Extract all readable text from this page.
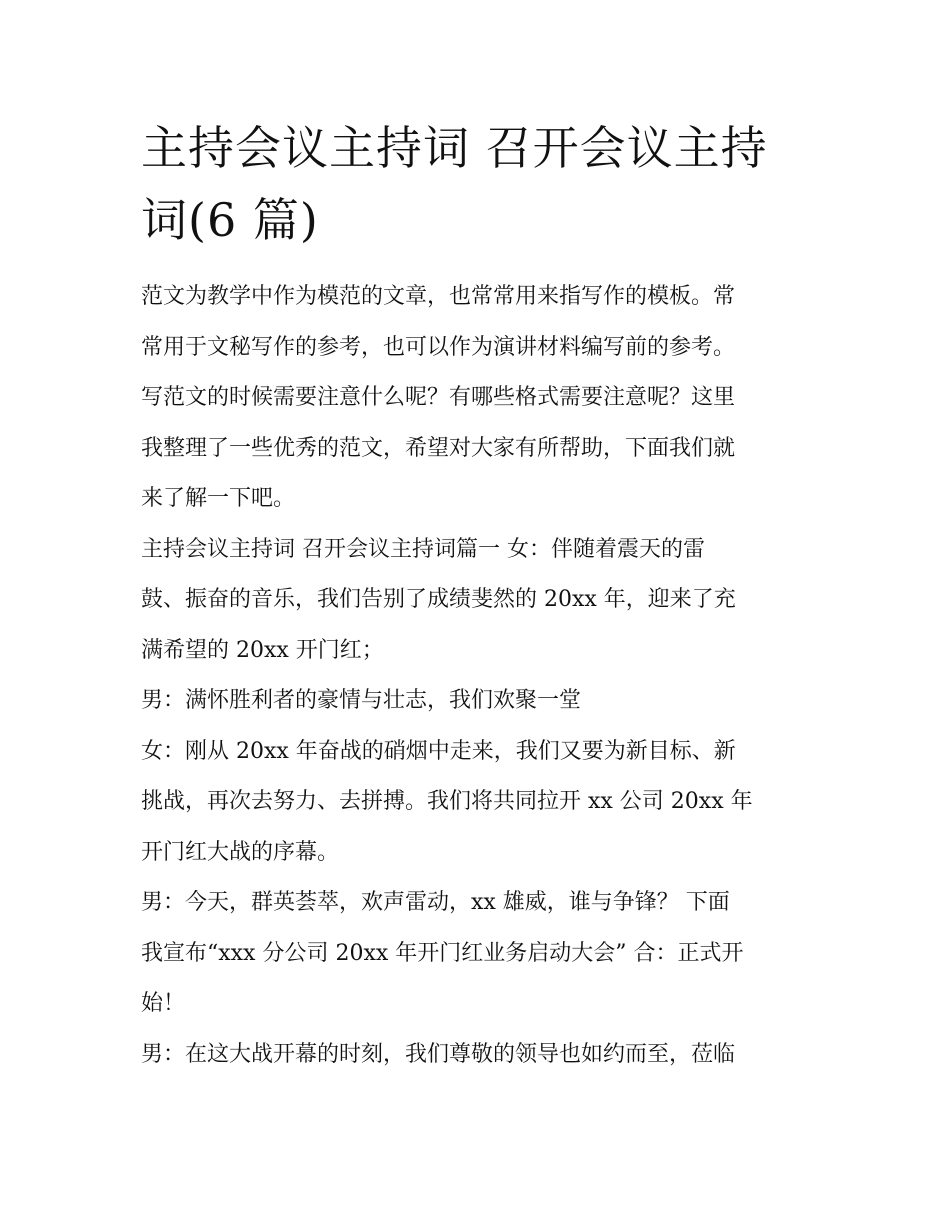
主持会议主持词 召开会议主持
词(6 篇)

范文为教学中作为模范的文章，也常常用来指写作的模板。常
常用于文秘写作的参考，也可以作为演讲材料编写前的参考。
写范文的时候需要注意什么呢？有哪些格式需要注意呢？这里
我整理了一些优秀的范文，希望对大家有所帮助，下面我们就
来了解一下吧。

主持会议主持词 召开会议主持词篇一 女：伴随着震天的雷
鼓、振奋的音乐，我们告别了成绩斐然的 20xx 年，迎来了充
满希望的 20xx 开门红；

男：满怀胜利者的豪情与壮志，我们欢聚一堂

女：刚从 20xx 年奋战的硝烟中走来，我们又要为新目标、新
挑战，再次去努力、去拼搏。我们将共同拉开 xx 公司 20xx 年
开门红大战的序幕。

男：今天，群英荟萃，欢声雷动，xx 雄威，谁与争锋？ 下面
我宣布“xxx 分公司 20xx 年开门红业务启动大会” 合：正式开
始！

男：在这大战开幕的时刻，我们尊敬的领导也如约而至，莅临
